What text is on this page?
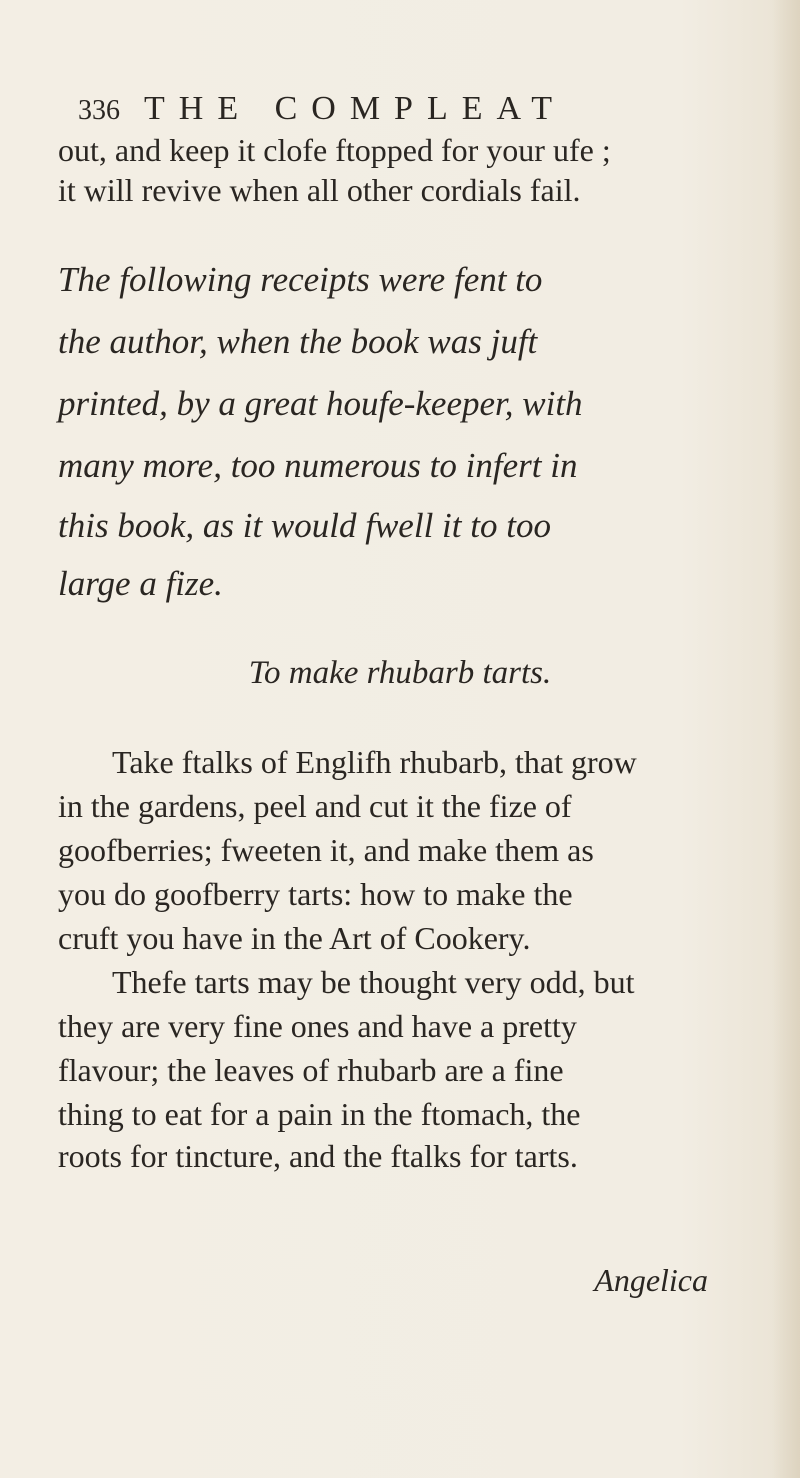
336 THE COMPLEAT
out, and keep it clofe ftopped for your ufe ;
it will revive when all other cordials fail.
The following receipts were fent to
the author, when the book was juft
printed, by a great houfe-keeper, with
many more, too numerous to infert in
this book, as it would fwell it to too
large a fize.
To make rhubarb tarts.
Take ftalks of Englifh rhubarb, that grow
in the gardens, peel and cut it the fize of
goofberries; fweeten it, and make them as
you do goofberry tarts: how to make the
cruft you have in the Art of Cookery.
Thefe tarts may be thought very odd, but
they are very fine ones and have a pretty
flavour; the leaves of rhubarb are a fine
thing to eat for a pain in the ftomach, the
roots for tincture, and the ftalks for tarts.
Angelica
